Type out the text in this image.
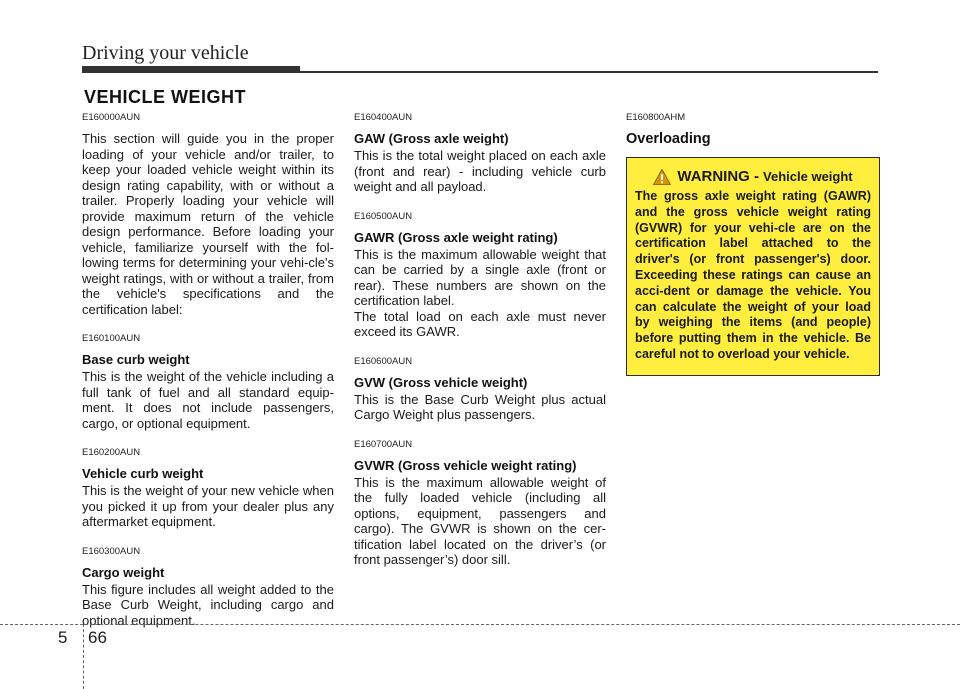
Driving your vehicle
VEHICLE WEIGHT
E160000AUN

This section will guide you in the proper loading of your vehicle and/or trailer, to keep your loaded vehicle weight within its design rating capability, with or without a trailer. Properly loading your vehicle will provide maximum return of the vehicle design performance. Before loading your vehicle, familiarize yourself with the fol-lowing terms for determining your vehi-cle's weight ratings, with or without a trailer, from the vehicle's specifications and the certification label:

E160100AUN
Base curb weight

This is the weight of the vehicle including a full tank of fuel and all standard equip-ment. It does not include passengers, cargo, or optional equipment.

E160200AUN
Vehicle curb weight

This is the weight of your new vehicle when you picked it up from your dealer plus any aftermarket equipment.

E160300AUN
Cargo weight

This figure includes all weight added to the Base Curb Weight, including cargo and optional equipment.

E160400AUN
GAW (Gross axle weight)

This is the total weight placed on each axle (front and rear) - including vehicle curb weight and all payload.

E160500AUN
GAWR (Gross axle weight rating)

This is the maximum allowable weight that can be carried by a single axle (front or rear). These numbers are shown on the certification label.

The total load on each axle must never exceed its GAWR.

E160600AUN
GVW (Gross vehicle weight)

This is the Base Curb Weight plus actual Cargo Weight plus passengers.

E160700AUN
GVWR (Gross vehicle weight rating)

This is the maximum allowable weight of the fully loaded vehicle (including all options, equipment, passengers and cargo). The GVWR is shown on the cer-tification label located on the driver’s (or front passenger’s) door sill.

E160800AHM
Overloading
WARNING - Vehicle weight

The gross axle weight rating (GAWR) and the gross vehicle weight rating (GVWR) for your vehi-cle are on the certification label attached to the driver's (or front passenger's) door. Exceeding these ratings can cause an acci-dent or damage the vehicle. You can calculate the weight of your load by weighing the items (and people) before putting them in the vehicle. Be careful not to overload your vehicle.

5 66
